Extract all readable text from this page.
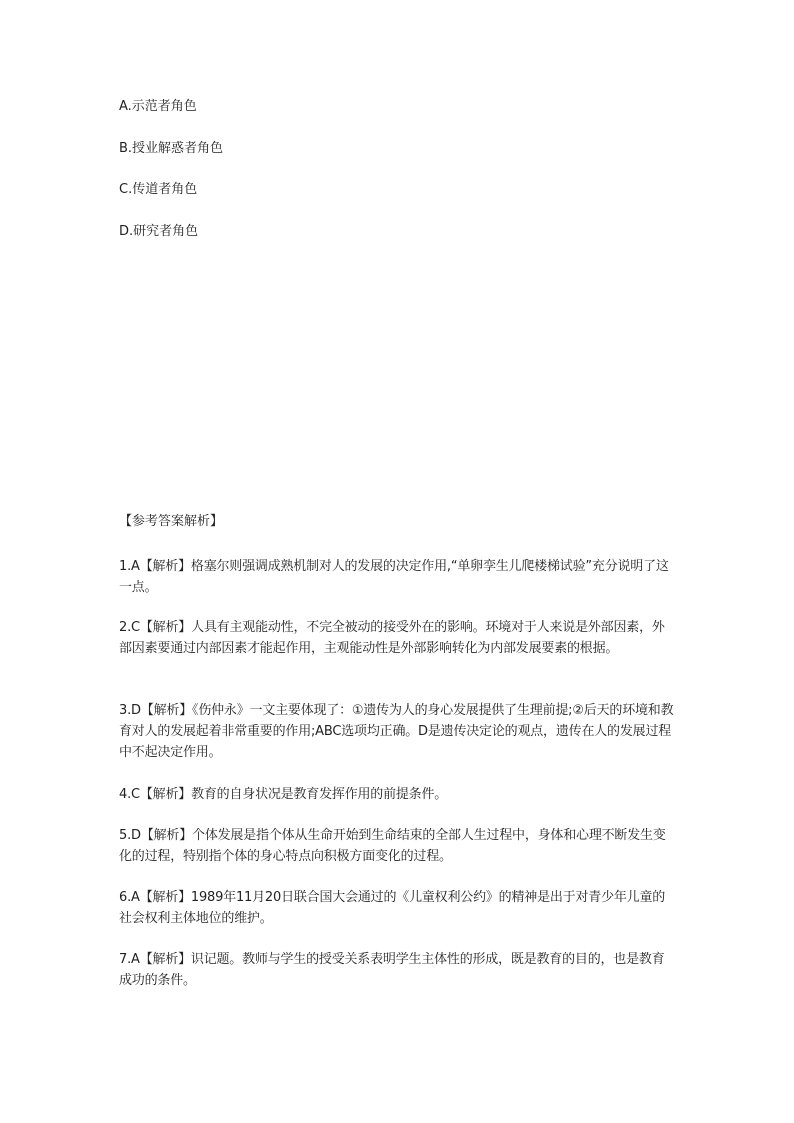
A.示范者角色
B.授业解惑者角色
C.传道者角色
D.研究者角色
【参考答案解析】
1.A【解析】格塞尔则强调成熟机制对人的发展的决定作用,“单卵孪生儿爬楼梯试验”充分说明了这一点。
2.C【解析】人具有主观能动性，不完全被动的接受外在的影响。环境对于人来说是外部因素，外部因素要通过内部因素才能起作用，主观能动性是外部影响转化为内部发展要素的根据。
3.D【解析】《伤仲永》一文主要体现了：①遗传为人的身心发展提供了生理前提;②后天的环境和教育对人的发展起着非常重要的作用;ABC选项均正确。D是遗传决定论的观点，遗传在人的发展过程中不起决定作用。
4.C【解析】教育的自身状况是教育发挥作用的前提条件。
5.D【解析】个体发展是指个体从生命开始到生命结束的全部人生过程中，身体和心理不断发生变化的过程，特别指个体的身心特点向积极方面变化的过程。
6.A【解析】1989年11月20日联合国大会通过的《儿童权利公约》的精神是出于对青少年儿童的社会权利主体地位的维护。
7.A【解析】识记题。教师与学生的授受关系表明学生主体性的形成，既是教育的目的，也是教育成功的条件。
